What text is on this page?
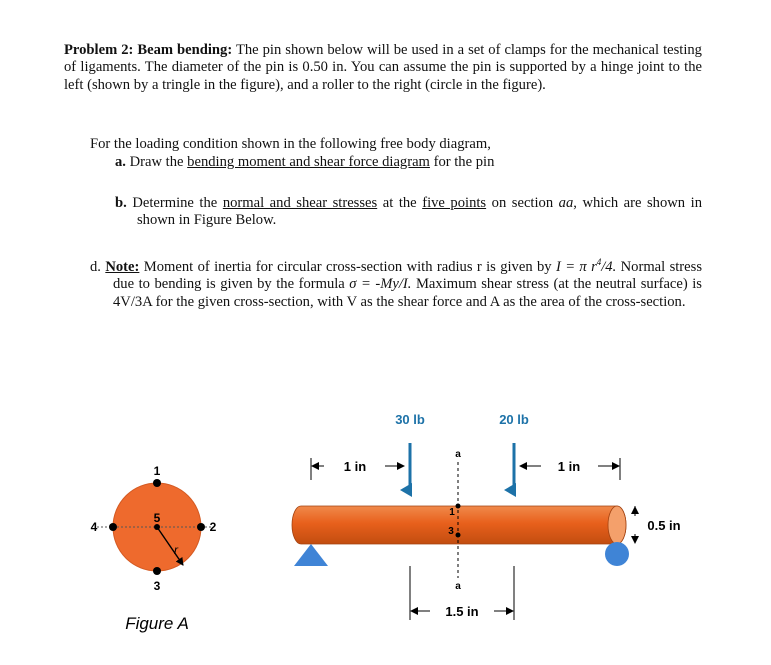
Problem 2: Beam bending: The pin shown below will be used in a set of clamps for the mechanical testing of ligaments. The diameter of the pin is 0.50 in. You can assume the pin is supported by a hinge joint to the left (shown by a tringle in the figure), and a roller to the right (circle in the figure).
For the loading condition shown in the following free body diagram,
a. Draw the bending moment and shear force diagram for the pin
b. Determine the normal and shear stresses at the five points on section aa, which are shown in shown in Figure Below.
d. Note: Moment of inertia for circular cross-section with radius r is given by I = π $r^4/4$. Normal stress due to bending is given by the formula σ = -My/I. Maximum shear stress (at the neutral surface) is 4V/3A for the given cross-section, with V as the shear force and A as the area of the cross-section.
1
2
3
4
5
r
Figure A
30 lb	20 lb
1 in	1 in
a
a
1
3
1.5 in
0.5 in
